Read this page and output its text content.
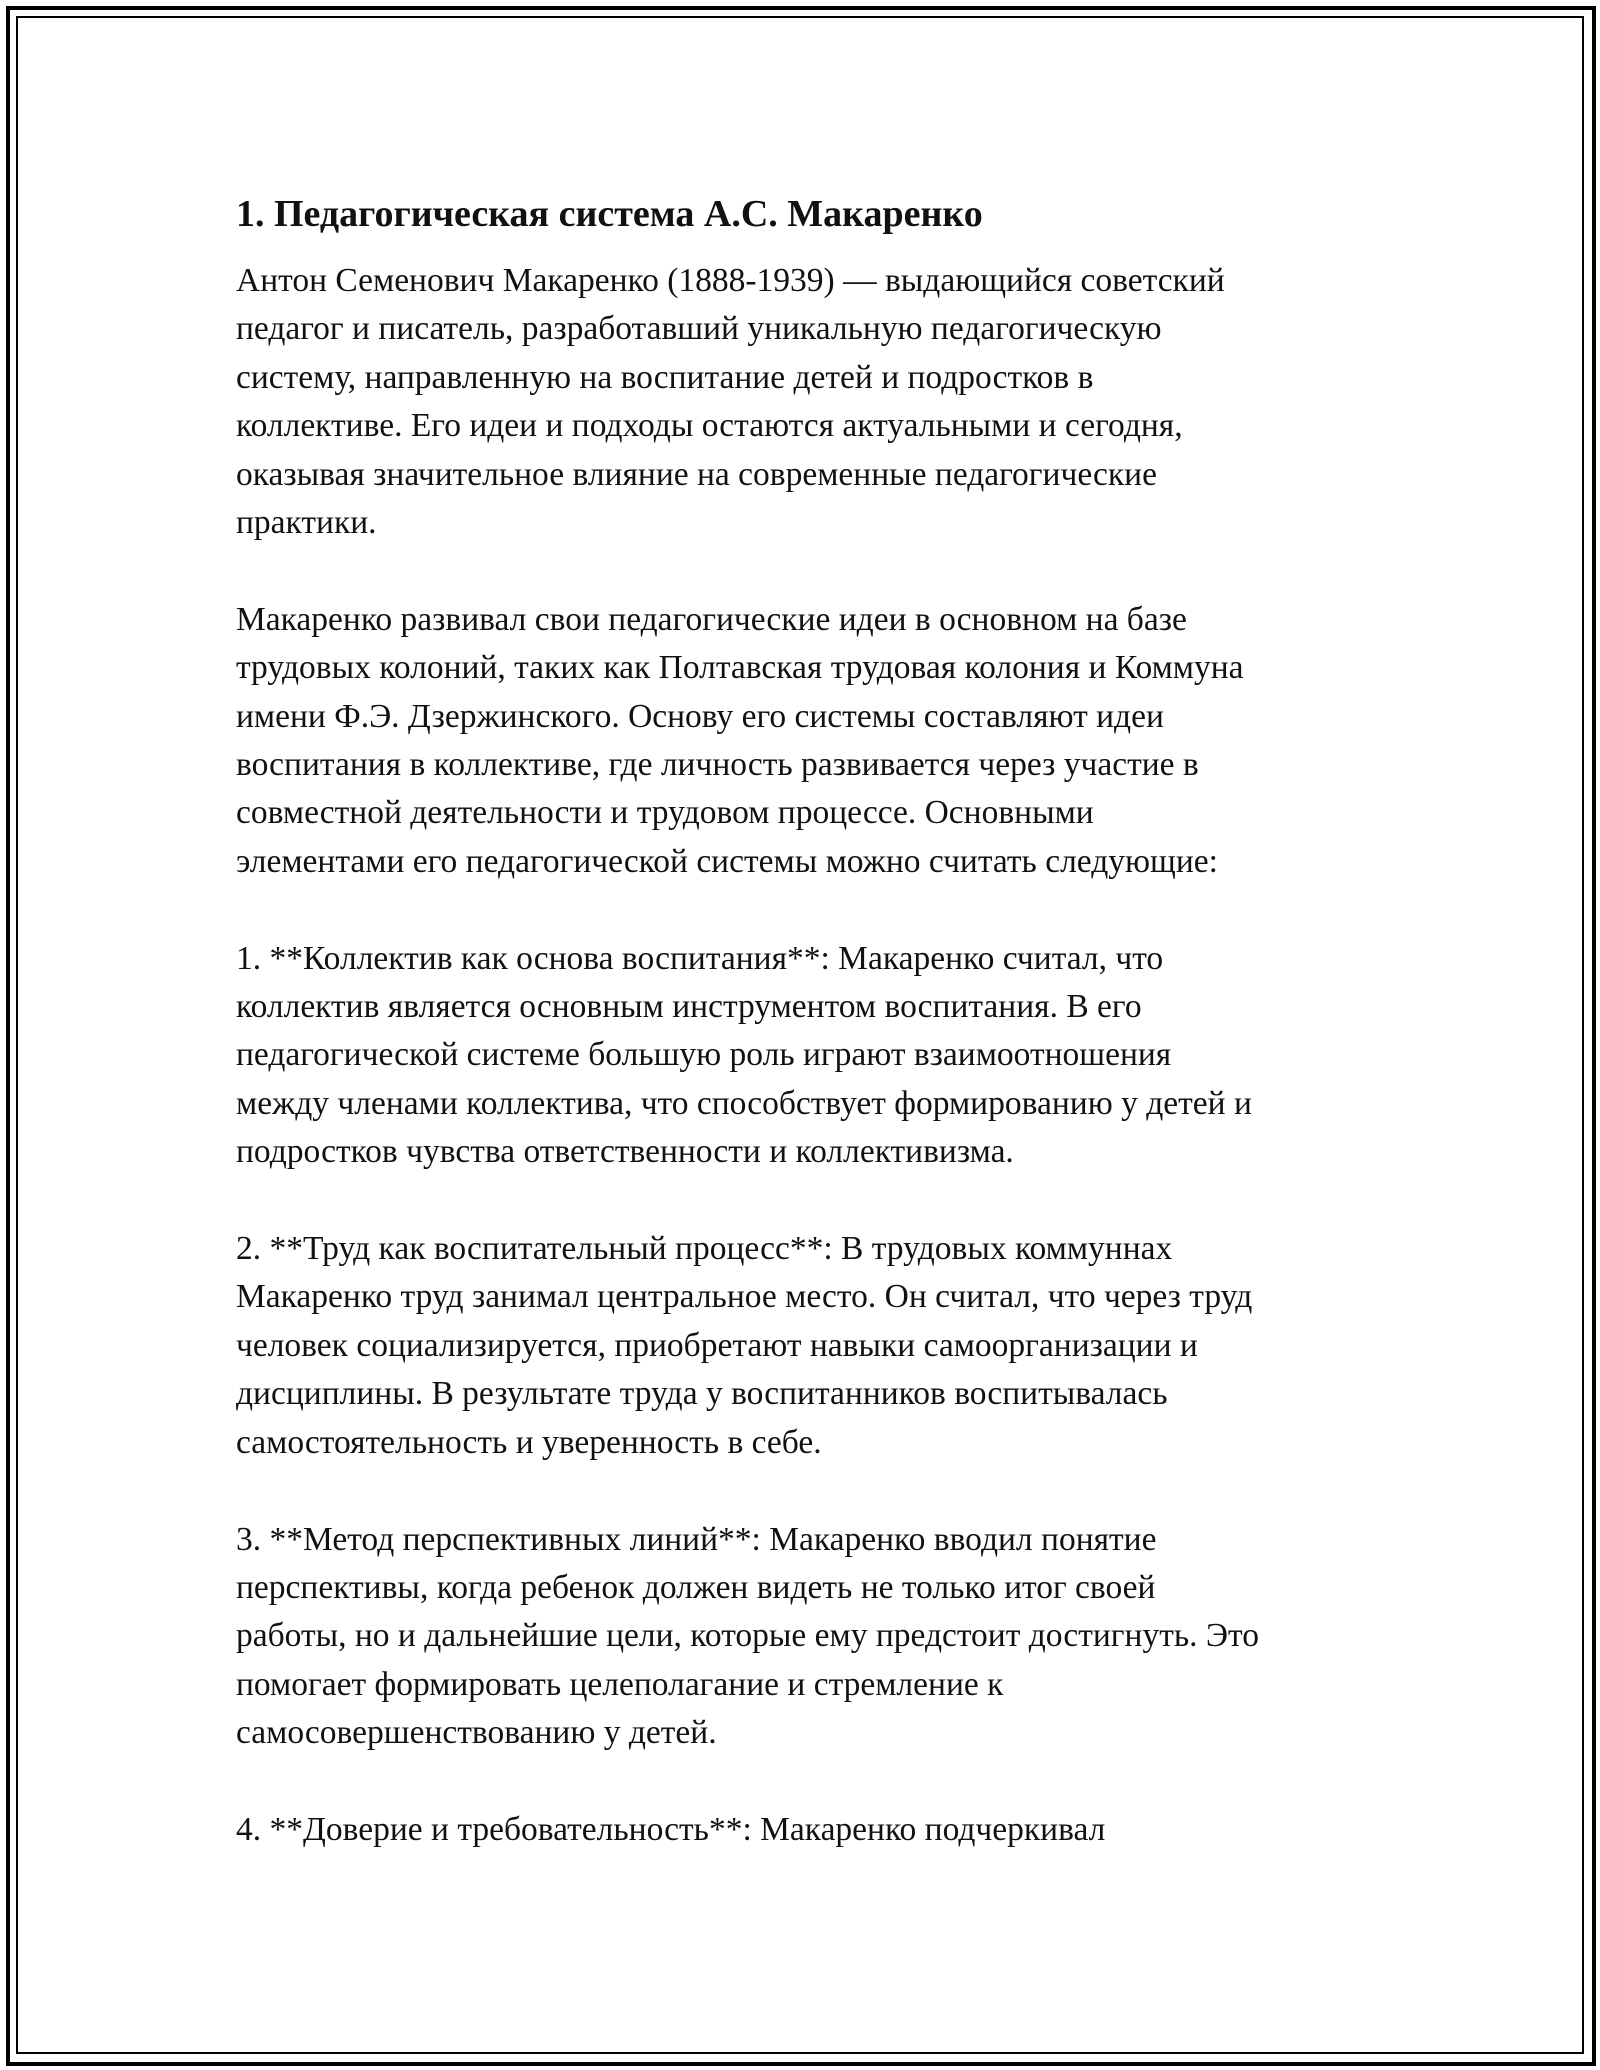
1. Педагогическая система А.С. Макаренко
Антон Семенович Макаренко (1888-1939) — выдающийся советский
педагог и писатель, разработавший уникальную педагогическую
систему, направленную на воспитание детей и подростков в
коллективе. Его идеи и подходы остаются актуальными и сегодня,
оказывая значительное влияние на современные педагогические
практики.
Макаренко развивал свои педагогические идеи в основном на базе
трудовых колоний, таких как Полтавская трудовая колония и Коммуна
имени Ф.Э. Дзержинского. Основу его системы составляют идеи
воспитания в коллективе, где личность развивается через участие в
совместной деятельности и трудовом процессе. Основными
элементами его педагогической системы можно считать следующие:
1. **Коллектив как основа воспитания**: Макаренко считал, что
коллектив является основным инструментом воспитания. В его
педагогической системе большую роль играют взаимоотношения
между членами коллектива, что способствует формированию у детей и
подростков чувства ответственности и коллективизма.
2. **Труд как воспитательный процесс**: В трудовых коммуннах
Макаренко труд занимал центральное место. Он считал, что через труд
человек социализируется, приобретают навыки самоорганизации и
дисциплины. В результате труда у воспитанников воспитывалась
самостоятельность и уверенность в себе.
3. **Метод перспективных линий**: Макаренко вводил понятие
перспективы, когда ребенок должен видеть не только итог своей
работы, но и дальнейшие цели, которые ему предстоит достигнуть. Это
помогает формировать целеполагание и стремление к
самосовершенствованию у детей.
4. **Доверие и требовательность**: Макаренко подчеркивал
